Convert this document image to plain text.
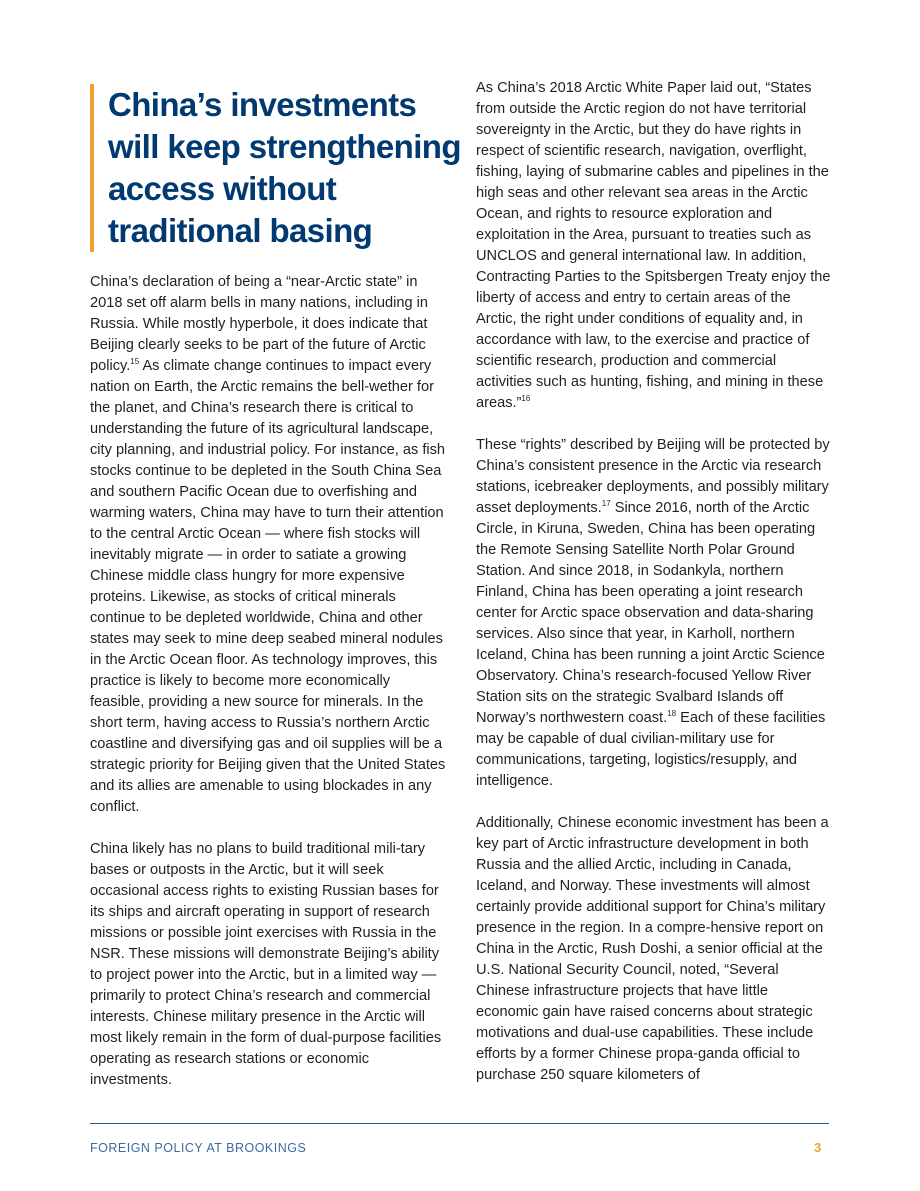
China’s investments
will keep strengthening
access without
traditional basing

China’s declaration of being a “near-Arctic state” in 2018 set off alarm bells in many nations, including in Russia. While mostly hyperbole, it does indicate that Beijing clearly seeks to be part of the future of Arctic policy.$^{15}$ As climate change continues to impact every nation on Earth, the Arctic remains the bell-wether for the planet, and China’s research there is critical to understanding the future of its agricultural landscape, city planning, and industrial policy. For instance, as fish stocks continue to be depleted in the South China Sea and southern Pacific Ocean due to overfishing and warming waters, China may have to turn their attention to the central Arctic Ocean — where fish stocks will inevitably migrate — in order to satiate a growing Chinese middle class hungry for more expensive proteins. Likewise, as stocks of critical minerals continue to be depleted worldwide, China and other states may seek to mine deep seabed mineral nodules in the Arctic Ocean floor. As technology improves, this practice is likely to become more economically feasible, providing a new source for minerals. In the short term, having access to Russia’s northern Arctic coastline and diversifying gas and oil supplies will be a strategic priority for Beijing given that the United States and its allies are amenable to using blockades in any conflict.

China likely has no plans to build traditional mili-tary bases or outposts in the Arctic, but it will seek occasional access rights to existing Russian bases for its ships and aircraft operating in support of research missions or possible joint exercises with Russia in the NSR. These missions will demonstrate Beijing’s ability to project power into the Arctic, but in a limited way — primarily to protect China’s research and commercial interests. Chinese military presence in the Arctic will most likely remain in the form of dual-purpose facilities operating as research stations or economic investments.

As China’s 2018 Arctic White Paper laid out, “States from outside the Arctic region do not have territorial sovereignty in the Arctic, but they do have rights in respect of scientific research, navigation, overflight, fishing, laying of submarine cables and pipelines in the high seas and other relevant sea areas in the Arctic Ocean, and rights to resource exploration and exploitation in the Area, pursuant to treaties such as UNCLOS and general international law. In addition, Contracting Parties to the Spitsbergen Treaty enjoy the liberty of access and entry to certain areas of the Arctic, the right under conditions of equality and, in accordance with law, to the exercise and practice of scientific research, production and commercial activities such as hunting, fishing, and mining in these areas.”$^{16}$

These “rights” described by Beijing will be protected by China’s consistent presence in the Arctic via research stations, icebreaker deployments, and possibly military asset deployments.$^{17}$ Since 2016, north of the Arctic Circle, in Kiruna, Sweden, China has been operating the Remote Sensing Satellite North Polar Ground Station. And since 2018, in Sodankyla, northern Finland, China has been operating a joint research center for Arctic space observation and data-sharing services. Also since that year, in Karholl, northern Iceland, China has been running a joint Arctic Science Observatory. China’s research-focused Yellow River Station sits on the strategic Svalbard Islands off Norway’s northwestern coast.$^{18}$ Each of these facilities may be capable of dual civilian-military use for communications, targeting, logistics/resupply, and intelligence.

Additionally, Chinese economic investment has been a key part of Arctic infrastructure development in both Russia and the allied Arctic, including in Canada, Iceland, and Norway. These investments will almost certainly provide additional support for China’s military presence in the region. In a compre-hensive report on China in the Arctic, Rush Doshi, a senior official at the U.S. National Security Council, noted, “Several Chinese infrastructure projects that have little economic gain have raised concerns about strategic motivations and dual-use capabilities. These include efforts by a former Chinese propa-ganda official to purchase 250 square kilometers of

FOREIGN POLICY AT BROOKINGS	3
